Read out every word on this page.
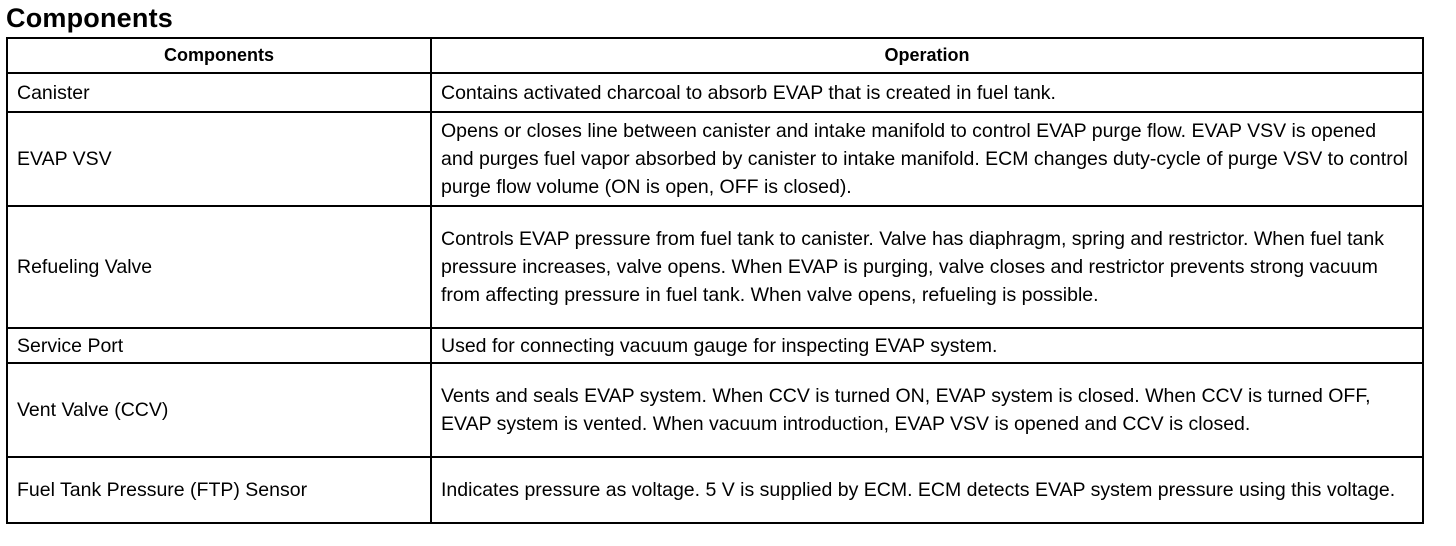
Components
Components	Operation
Canister	Contains activated charcoal to absorb EVAP that is created in fuel tank.
EVAP VSV	Opens or closes line between canister and intake manifold to control EVAP purge flow. EVAP VSV is opened and purges fuel vapor absorbed by canister to intake manifold. ECM changes duty-cycle of purge VSV to control purge flow volume (ON is open, OFF is closed).
Refueling Valve	Controls EVAP pressure from fuel tank to canister. Valve has diaphragm, spring and restrictor. When fuel tank pressure increases, valve opens. When EVAP is purging, valve closes and restrictor prevents strong vacuum from affecting pressure in fuel tank. When valve opens, refueling is possible.
Service Port	Used for connecting vacuum gauge for inspecting EVAP system.
Vent Valve (CCV)	Vents and seals EVAP system. When CCV is turned ON, EVAP system is closed. When CCV is turned OFF, EVAP system is vented. When vacuum introduction, EVAP VSV is opened and CCV is closed.
Fuel Tank Pressure (FTP) Sensor	Indicates pressure as voltage. 5 V is supplied by ECM. ECM detects EVAP system pressure using this voltage.
